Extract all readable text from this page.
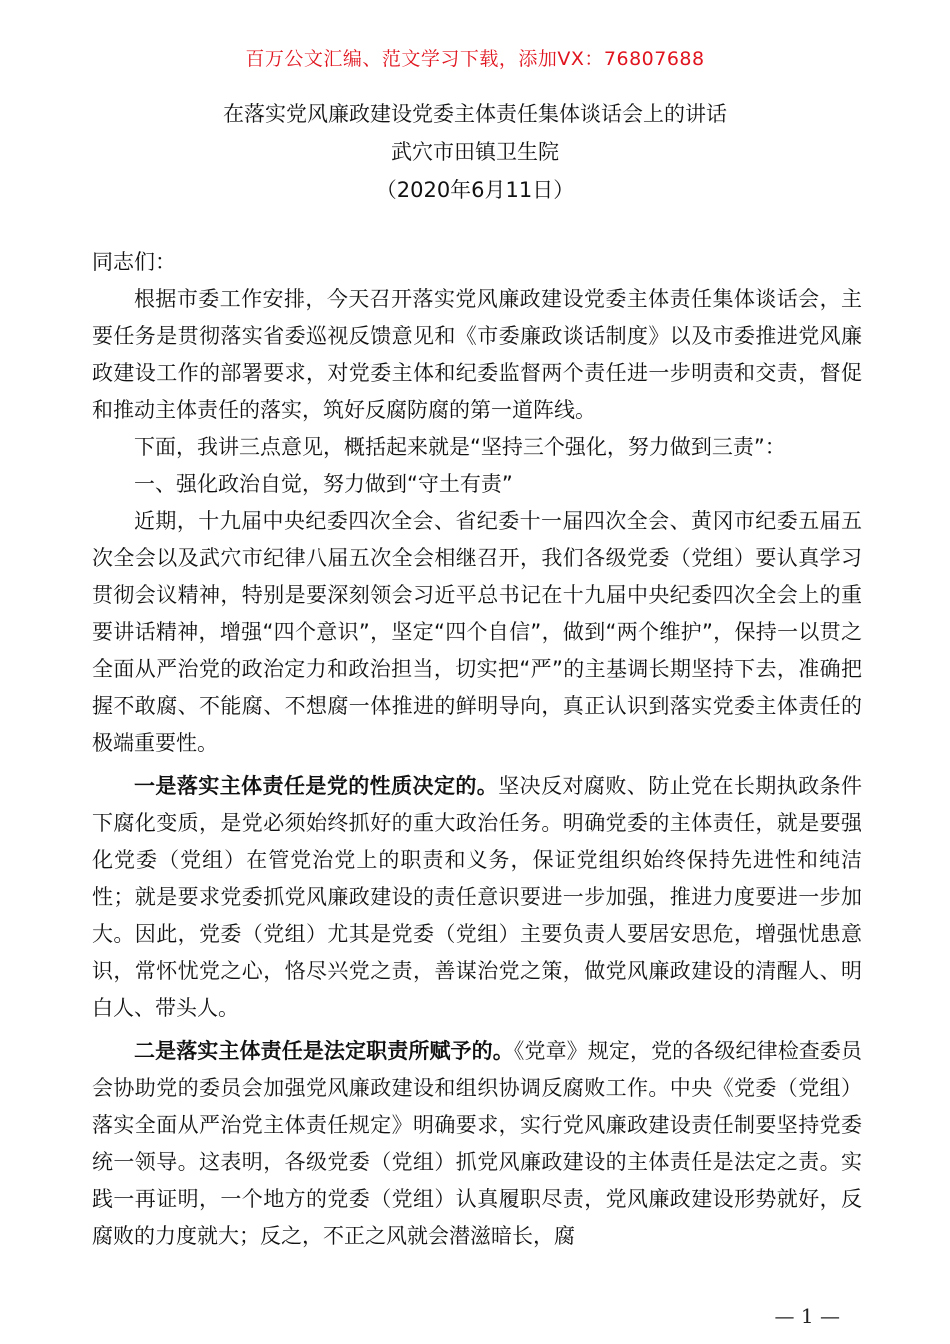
百万公文汇编、范文学习下载，添加VX：76807688
在落实党风廉政建设党委主体责任集体谈话会上的讲话
武穴市田镇卫生院
（2020年6月11日）

同志们：

根据市委工作安排，今天召开落实党风廉政建设党委主体责任集体谈话会，主要任务是贯彻落实省委巡视反馈意见和《市委廉政谈话制度》以及市委推进党风廉政建设工作的部署要求，对党委主体和纪委监督两个责任进一步明责和交责，督促和推动主体责任的落实，筑好反腐防腐的第一道阵线。

下面，我讲三点意见，概括起来就是“坚持三个强化，努力做到三责”：

一、强化政治自觉，努力做到“守土有责”

近期，十九届中央纪委四次全会、省纪委十一届四次全会、黄冈市纪委五届五次全会以及武穴市纪律八届五次全会相继召开，我们各级党委（党组）要认真学习贯彻会议精神，特别是要深刻领会习近平总书记在十九届中央纪委四次全会上的重要讲话精神，增强“四个意识”，坚定“四个自信”，做到“两个维护”，保持一以贯之全面从严治党的政治定力和政治担当，切实把“严”的主基调长期坚持下去，准确把握不敢腐、不能腐、不想腐一体推进的鲜明导向，真正认识到落实党委主体责任的极端重要性。

一是落实主体责任是党的性质决定的。坚决反对腐败、防止党在长期执政条件下腐化变质，是党必须始终抓好的重大政治任务。明确党委的主体责任，就是要强化党委（党组）在管党治党上的职责和义务，保证党组织始终保持先进性和纯洁性；就是要求党委抓党风廉政建设的责任意识要进一步加强，推进力度要进一步加大。因此，党委（党组）尤其是党委（党组）主要负责人要居安思危，增强忧患意识，常怀忧党之心，恪尽兴党之责，善谋治党之策，做党风廉政建设的清醒人、明白人、带头人。

二是落实主体责任是法定职责所赋予的。《党章》规定，党的各级纪律检查委员会协助党的委员会加强党风廉政建设和组织协调反腐败工作。中央《党委（党组）落实全面从严治党主体责任规定》明确要求，实行党风廉政建设责任制要坚持党委统一领导。这表明，各级党委（党组）抓党风廉政建设的主体责任是法定之责。实践一再证明，一个地方的党委（党组）认真履职尽责，党风廉政建设形势就好，反腐败的力度就大；反之，不正之风就会潜滋暗长，腐

— 1 —
